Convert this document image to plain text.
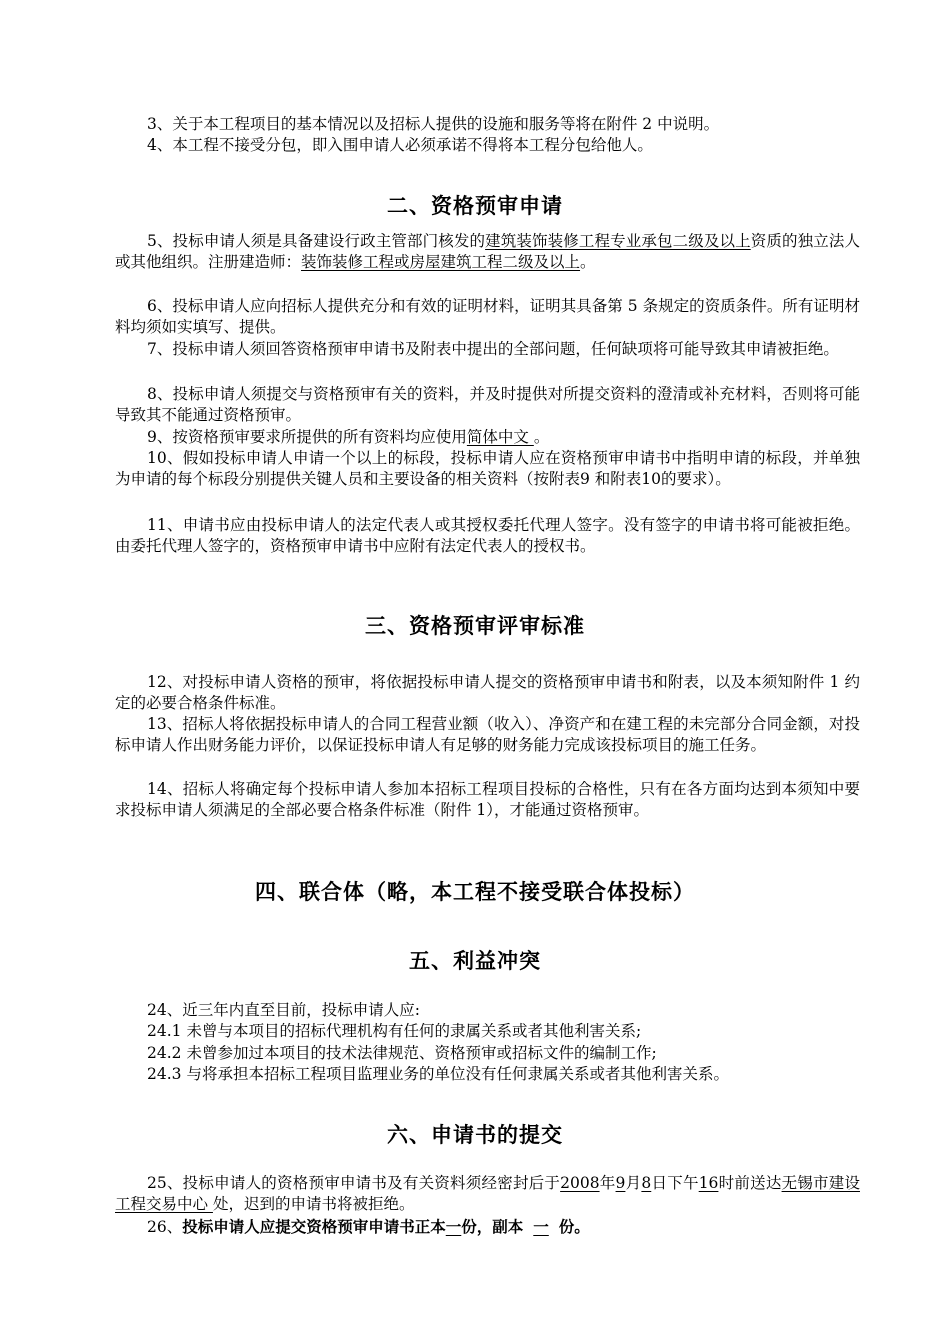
3、关于本工程项目的基本情况以及招标人提供的设施和服务等将在附件 2 中说明。
4、本工程不接受分包，即入围申请人必须承诺不得将本工程分包给他人。
二、资格预审申请
5、投标申请人须是具备建设行政主管部门核发的建筑装饰装修工程专业承包二级及以上资质的独立法人或其他组织。注册建造师：装饰装修工程或房屋建筑工程二级及以上。
6、投标申请人应向招标人提供充分和有效的证明材料，证明其具备第 5 条规定的资质条件。所有证明材料均须如实填写、提供。
7、投标申请人须回答资格预审申请书及附表中提出的全部问题，任何缺项将可能导致其申请被拒绝。
8、投标申请人须提交与资格预审有关的资料，并及时提供对所提交资料的澄清或补充材料，否则将可能导致其不能通过资格预审。
9、按资格预审要求所提供的所有资料均应使用简体中文 。
10、假如投标申请人申请一个以上的标段，投标申请人应在资格预审申请书中指明申请的标段，并单独为申请的每个标段分别提供关键人员和主要设备的相关资料（按附表9 和附表10的要求）。
11、申请书应由投标申请人的法定代表人或其授权委托代理人签字。没有签字的申请书将可能被拒绝。由委托代理人签字的，资格预审申请书中应附有法定代表人的授权书。
三、资格预审评审标准
12、对投标申请人资格的预审，将依据投标申请人提交的资格预审申请书和附表，以及本须知附件 1 约定的必要合格条件标准。
13、招标人将依据投标申请人的合同工程营业额（收入）、净资产和在建工程的未完部分合同金额，对投标申请人作出财务能力评价，以保证投标申请人有足够的财务能力完成该投标项目的施工任务。
14、招标人将确定每个投标申请人参加本招标工程项目投标的合格性，只有在各方面均达到本须知中要求投标申请人须满足的全部必要合格条件标准（附件 1），才能通过资格预审。
四、联合体（略，本工程不接受联合体投标）
五、利益冲突
24、近三年内直至目前，投标申请人应:
24.1 未曾与本项目的招标代理机构有任何的隶属关系或者其他利害关系;
24.2 未曾参加过本项目的技术法律规范、资格预审或招标文件的编制工作;
24.3 与将承担本招标工程项目监理业务的单位没有任何隶属关系或者其他利害关系。
六、申请书的提交
25、投标申请人的资格预审申请书及有关资料须经密封后于2008年9月8日下午16时前送达无锡市建设工程交易中心 处，迟到的申请书将被拒绝。
26、投标申请人应提交资格预审申请书正本一份，副本 一 份。
